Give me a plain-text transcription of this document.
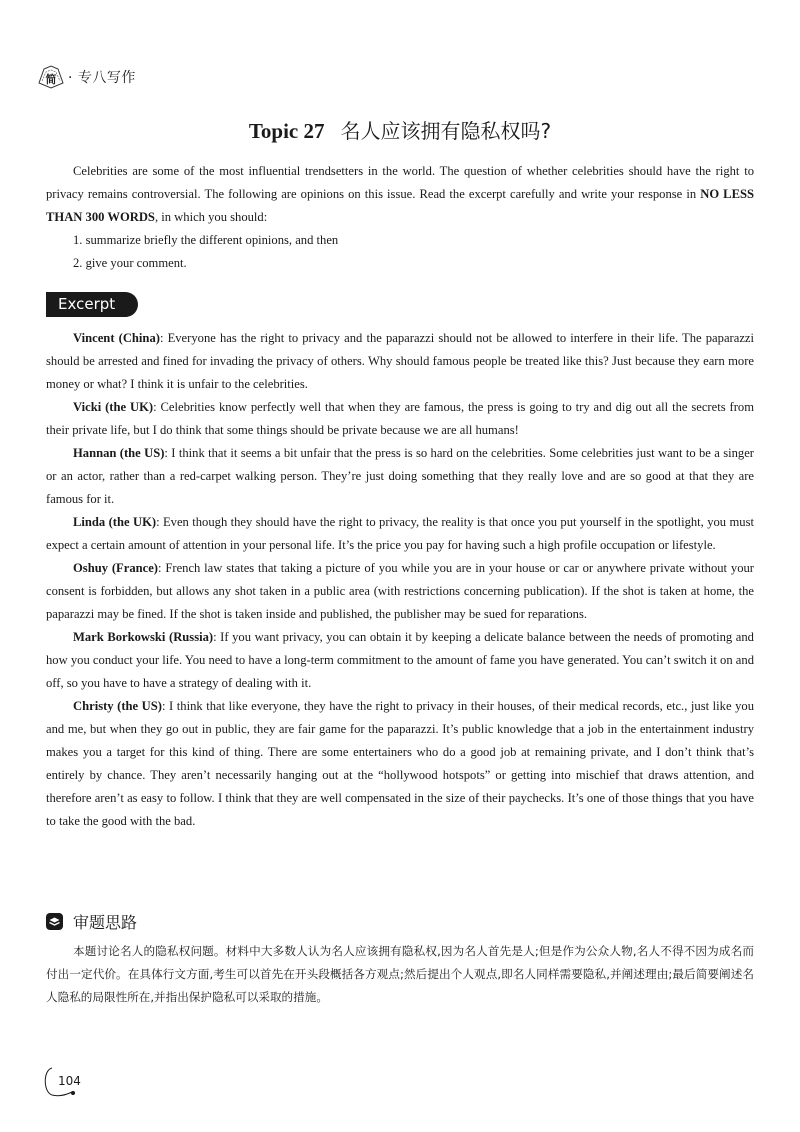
简 · 专八写作
Topic 27 名人应该拥有隐私权吗?

Celebrities are some of the most influential trendsetters in the world. The question of whether celebrities should have the right to privacy remains controversial. The following are opinions on this issue. Read the excerpt carefully and write your response in NO LESS THAN 300 WORDS, in which you should:

1. summarize briefly the different opinions, and then
2. give your comment.
Excerpt

Vincent (China): Everyone has the right to privacy and the paparazzi should not be allowed to interfere in their life. The paparazzi should be arrested and fined for invading the privacy of others. Why should famous people be treated like this? Just because they earn more money or what? I think it is unfair to the celebrities.

Vicki (the UK): Celebrities know perfectly well that when they are famous, the press is going to try and dig out all the secrets from their private life, but I do think that some things should be private because we are all humans!

Hannan (the US): I think that it seems a bit unfair that the press is so hard on the celebrities. Some celebrities just want to be a singer or an actor, rather than a red-carpet walking person. They’re just doing something that they really love and are so good at that they are famous for it.

Linda (the UK): Even though they should have the right to privacy, the reality is that once you put yourself in the spotlight, you must expect a certain amount of attention in your personal life. It’s the price you pay for having such a high profile occupation or lifestyle.

Oshuy (France): French law states that taking a picture of you while you are in your house or car or anywhere private without your consent is forbidden, but allows any shot taken in a public area (with restrictions concerning publication). If the shot is taken at home, the paparazzi may be fined. If the shot is taken inside and published, the publisher may be sued for reparations.

Mark Borkowski (Russia): If you want privacy, you can obtain it by keeping a delicate balance between the needs of promoting and how you conduct your life. You need to have a long-term commitment to the amount of fame you have generated. You can’t switch it on and off, so you have to have a strategy of dealing with it.

Christy (the US): I think that like everyone, they have the right to privacy in their houses, of their medical records, etc., just like you and me, but when they go out in public, they are fair game for the paparazzi. It’s public knowledge that a job in the entertainment industry makes you a target for this kind of thing. There are some entertainers who do a good job at remaining private, and I don’t think that’s entirely by chance. They aren’t necessarily hanging out at the “hollywood hotspots” or getting into mischief that draws attention, and therefore aren’t as easy to follow. I think that they are well compensated in the size of their paychecks. It’s one of those things that you have to take the good with the bad.

审题思路
本题讨论名人的隐私权问题。材料中大多数人认为名人应该拥有隐私权,因为名人首先是人;但是作为公众人物,名人不得不因为成名而付出一定代价。在具体行文方面,考生可以首先在开头段概括各方观点;然后提出个人观点,即名人同样需要隐私,并阐述理由;最后简要阐述名人隐私的局限性所在,并指出保护隐私可以采取的措施。
104
